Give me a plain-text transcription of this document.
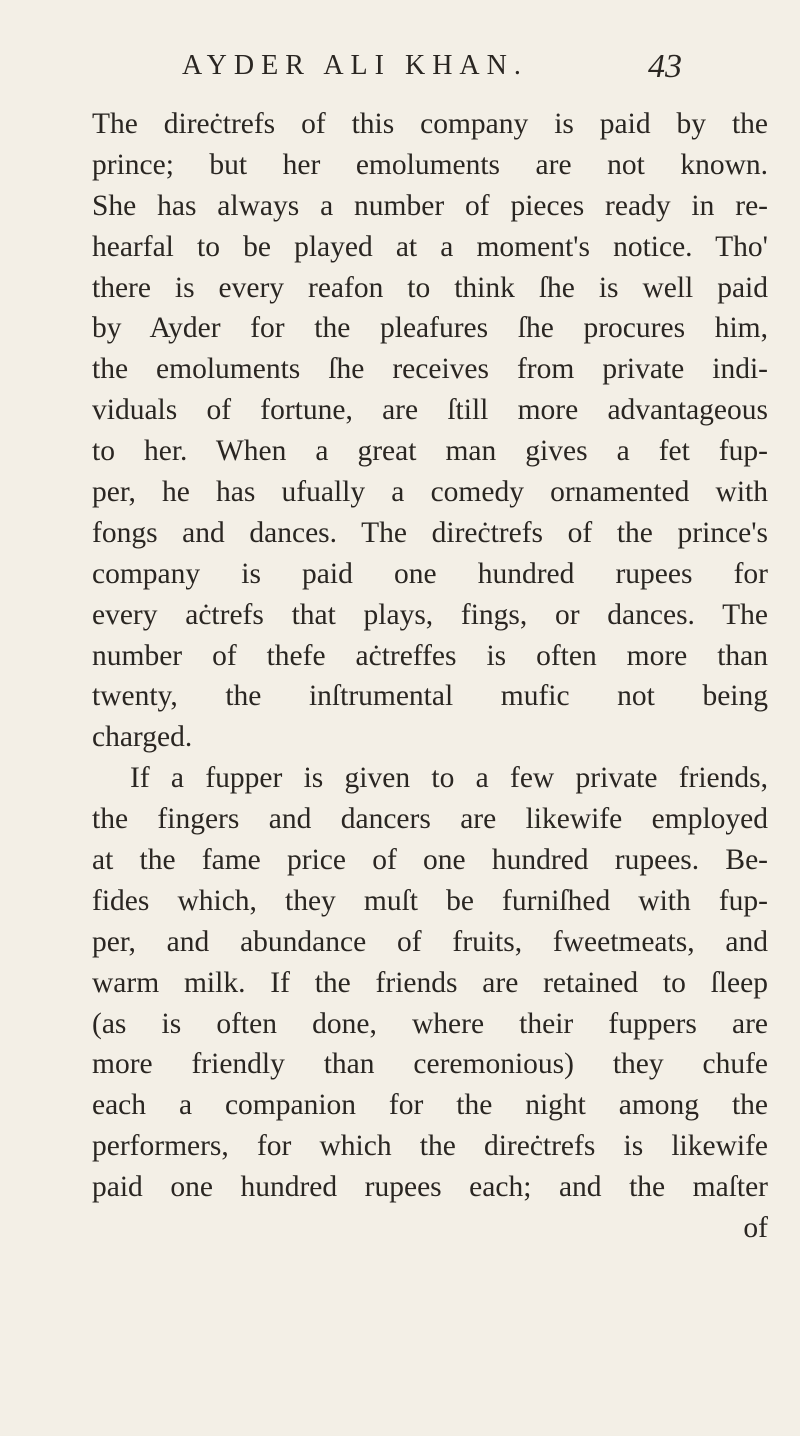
AYDER ALI KHAN.	43
The direċtrefs of this company is paid by the
prince; but her emoluments are not known.
She has always a number of pieces ready in re-
hearfal to be played at a moment's notice. Tho'
there is every reafon to think ſhe is well paid
by Ayder for the pleafures ſhe procures him,
the emoluments ſhe receives from private indi-
viduals of fortune, are ſtill more advantageous
to her. When a great man gives a fet fup-
per, he has ufually a comedy ornamented with
fongs and dances. The direċtrefs of the prince's
company is paid one hundred rupees for
every aċtrefs that plays, fings, or dances. The
number of thefe aċtreffes is often more than
twenty, the inſtrumental mufic not being
charged.
If a fupper is given to a few private friends,
the fingers and dancers are likewife employed
at the fame price of one hundred rupees. Be-
fides which, they muſt be furniſhed with fup-
per, and abundance of fruits, fweetmeats, and
warm milk. If the friends are retained to ſleep
(as is often done, where their fuppers are
more friendly than ceremonious) they chufe
each a companion for the night among the
performers, for which the direċtrefs is likewife
paid one hundred rupees each; and the maſter
of
